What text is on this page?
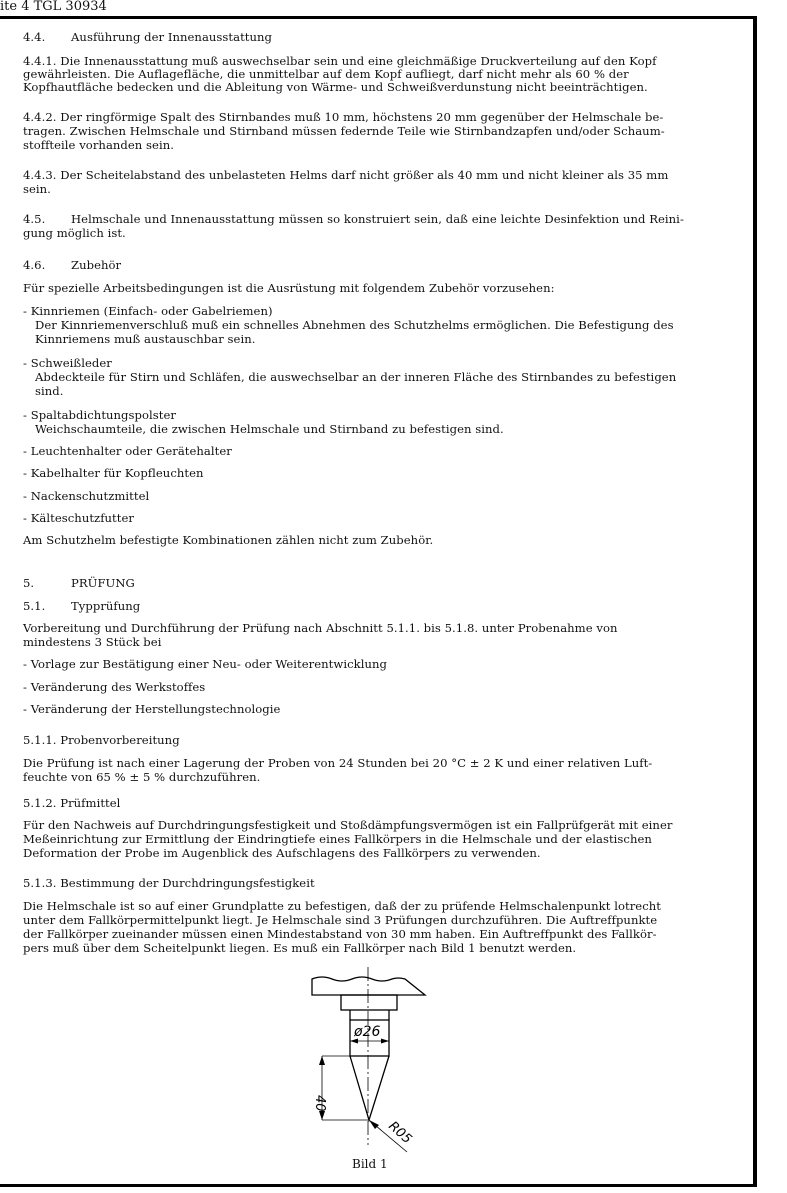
ite 4 TGL 30934
4.4. Ausführung der Innenausstattung
4.4.1. Die Innenausstattung muß auswechselbar sein und eine gleichmäßige Druckverteilung auf den Kopf
gewährleisten. Die Auflagefläche, die unmittelbar auf dem Kopf aufliegt, darf nicht mehr als 60 % der
Kopfhautfläche bedecken und die Ableitung von Wärme- und Schweißverdunstung nicht beeinträchtigen.
4.4.2. Der ringförmige Spalt des Stirnbandes muß 10 mm, höchstens 20 mm gegenüber der Helmschale be-
tragen. Zwischen Helmschale und Stirnband müssen federnde Teile wie Stirnbandzapfen und/oder Schaum-
stoffteile vorhanden sein.
4.4.3. Der Scheitelabstand des unbelasteten Helms darf nicht größer als 40 mm und nicht kleiner als 35 mm
sein.
4.5. Helmschale und Innenausstattung müssen so konstruiert sein, daß eine leichte Desinfektion und Reini-
gung möglich ist.
4.6. Zubehör
Für spezielle Arbeitsbedingungen ist die Ausrüstung mit folgendem Zubehör vorzusehen:
- Kinnriemen (Einfach- oder Gabelriemen)
Der Kinnriemenverschluß muß ein schnelles Abnehmen des Schutzhelms ermöglichen. Die Befestigung des
Kinnriemens muß austauschbar sein.
- Schweißleder
Abdeckteile für Stirn und Schläfen, die auswechselbar an der inneren Fläche des Stirnbandes zu befestigen
sind.
- Spaltabdichtungspolster
Weichschaumteile, die zwischen Helmschale und Stirnband zu befestigen sind.
- Leuchtenhalter oder Gerätehalter
- Kabelhalter für Kopfleuchten
- Nackenschutzmittel
- Kälteschutzfutter
Am Schutzhelm befestigte Kombinationen zählen nicht zum Zubehör.
5.	PRÜFUNG
5.1. Typprüfung
Vorbereitung und Durchführung der Prüfung nach Abschnitt 5.1.1. bis 5.1.8. unter Probenahme von
mindestens 3 Stück bei
- Vorlage zur Bestätigung einer Neu- oder Weiterentwicklung
- Veränderung des Werkstoffes
- Veränderung der Herstellungstechnologie
5.1.1. Probenvorbereitung
Die Prüfung ist nach einer Lagerung der Proben von 24 Stunden bei 20 °C ± 2 K und einer relativen Luft-
feuchte von 65 % ± 5 % durchzuführen.
5.1.2. Prüfmittel
Für den Nachweis auf Durchdringungsfestigkeit und Stoßdämpfungsvermögen ist ein Fallprüfgerät mit einer
Meßeinrichtung zur Ermittlung der Eindringtiefe eines Fallkörpers in die Helmschale und der elastischen
Deformation der Probe im Augenblick des Aufschlagens des Fallkörpers zu verwenden.
5.1.3. Bestimmung der Durchdringungsfestigkeit
Die Helmschale ist so auf einer Grundplatte zu befestigen, daß der zu prüfende Helmschalenpunkt lotrecht
unter dem Fallkörpermittelpunkt liegt. Je Helmschale sind 3 Prüfungen durchzuführen. Die Auftreffpunkte
der Fallkörper zueinander müssen einen Mindestabstand von 30 mm haben. Ein Auftreffpunkt des Fallkör-
pers muß über dem Scheitelpunkt liegen. Es muß ein Fallkörper nach Bild 1 benutzt werden.
ø26
40
R05
Bild 1
